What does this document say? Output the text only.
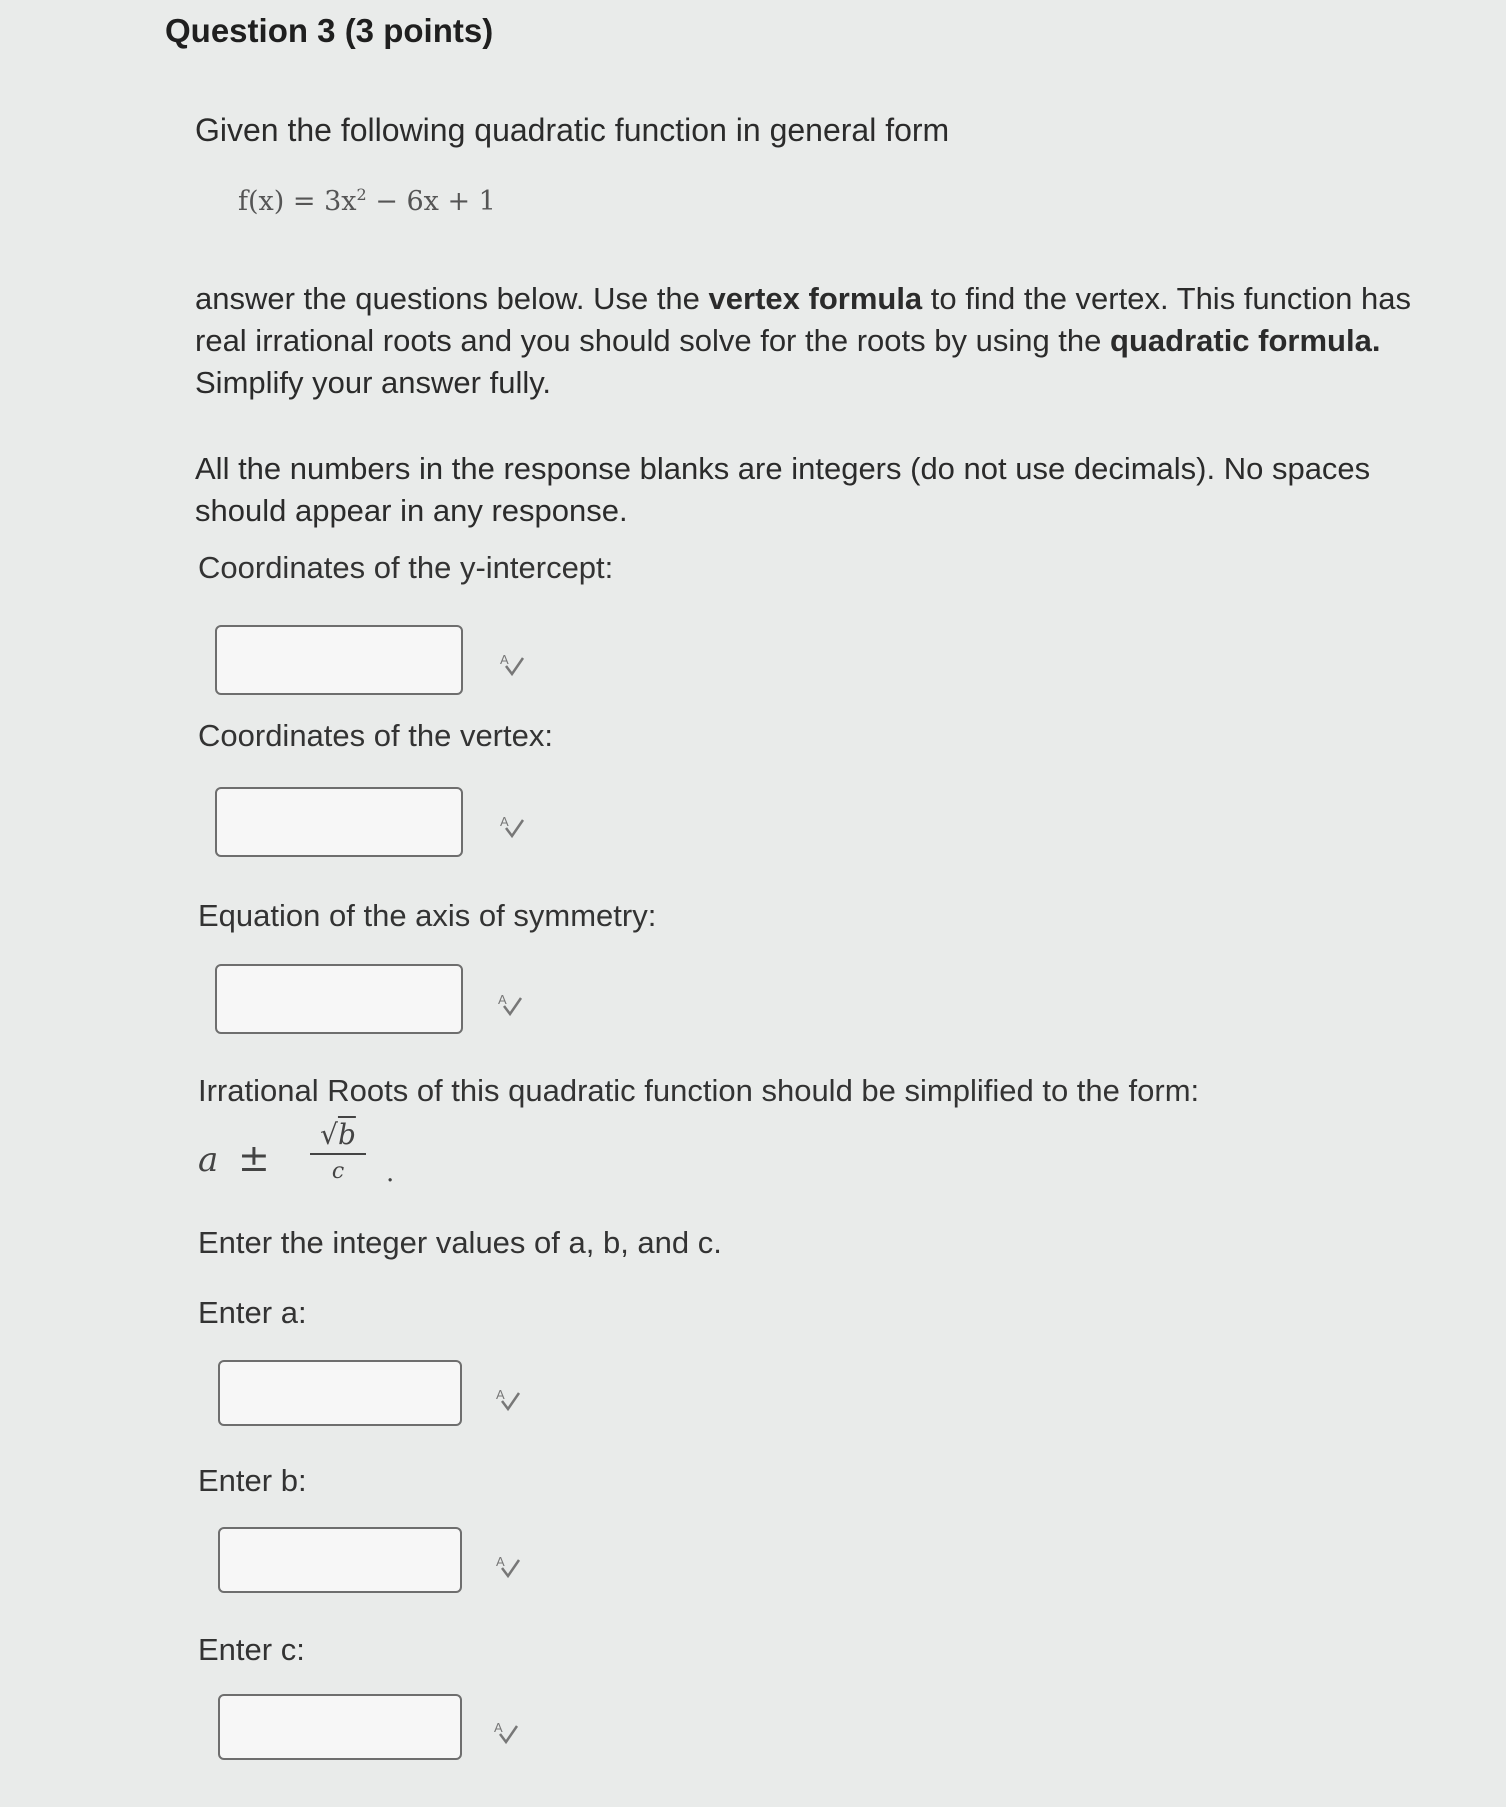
Question 3 (3 points)
Given the following quadratic function in general form
$f(x) = 3x^2 - 6x + 1$
answer the questions below. Use the vertex formula to find the vertex. This function has real irrational roots and you should solve for the roots by using the quadratic formula. Simplify your answer fully.
All the numbers in the response blanks are integers (do not use decimals). No spaces should appear in any response.
Coordinates of the y-intercept:
A
Coordinates of the vertex:
A
Equation of the axis of symmetry:
A
Irrational Roots of this quadratic function should be simplified to the form:
a ±
√b
c	.
Enter the integer values of a, b, and c.
Enter a:
A
Enter b:
A
Enter c:
A
